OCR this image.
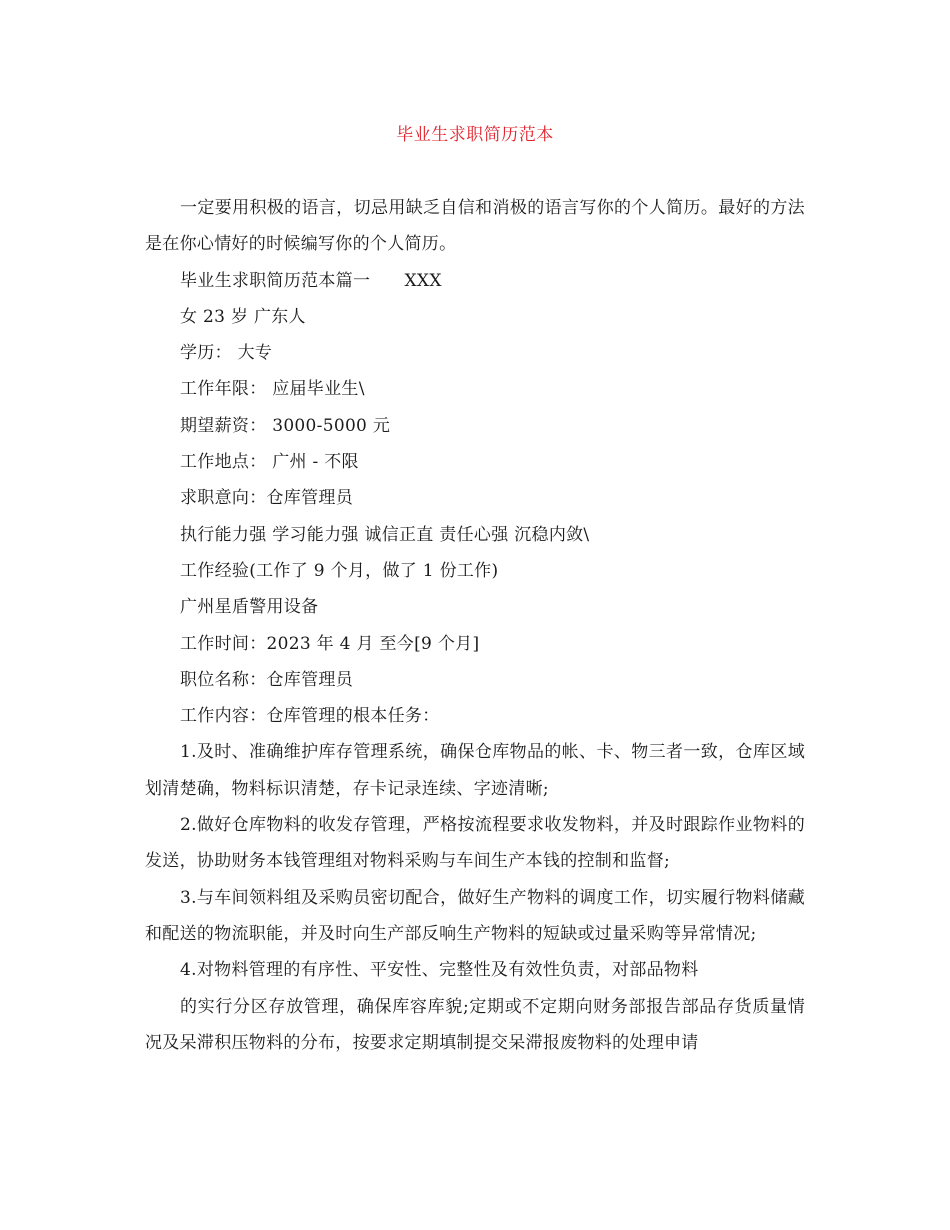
毕业生求职简历范本

一定要用积极的语言，切忌用缺乏自信和消极的语言写你的个人简历。最好的方法是在你心情好的时候编写你的个人简历。

毕业生求职简历范本篇一      XXX

女 23 岁 广东人

学历： 大专

工作年限： 应届毕业生\

期望薪资： 3000-5000 元

工作地点： 广州 - 不限

求职意向：仓库管理员

执行能力强 学习能力强 诚信正直 责任心强 沉稳内敛\

工作经验(工作了 9 个月，做了 1 份工作)

广州星盾警用设备

工作时间：2023 年 4 月 至今[9 个月]

职位名称：仓库管理员

工作内容：仓库管理的根本任务：

1.及时、准确维护库存管理系统，确保仓库物品的帐、卡、物三者一致，仓库区域划清楚确，物料标识清楚，存卡记录连续、字迹清晰;

2.做好仓库物料的收发存管理，严格按流程要求收发物料，并及时跟踪作业物料的发送，协助财务本钱管理组对物料采购与车间生产本钱的控制和监督;

3.与车间领料组及采购员密切配合，做好生产物料的调度工作，切实履行物料储藏和配送的物流职能，并及时向生产部反响生产物料的短缺或过量采购等异常情况;

4.对物料管理的有序性、平安性、完整性及有效性负责，对部品物料

的实行分区存放管理，确保库容库貌;定期或不定期向财务部报告部品存货质量情况及呆滞积压物料的分布，按要求定期填制提交呆滞报废物料的处理申请
